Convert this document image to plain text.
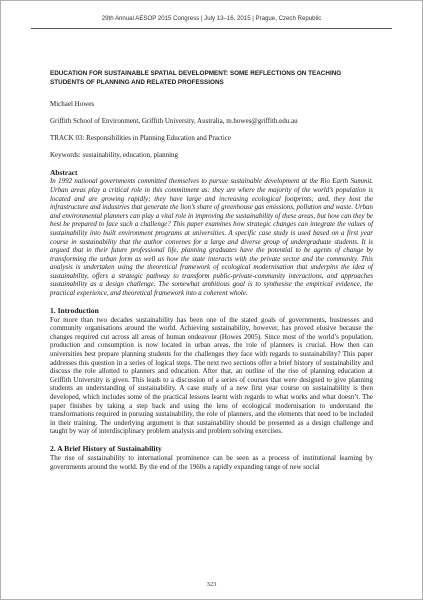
29th Annual AESOP 2015 Congress | July 13–16, 2015 | Prague, Czech Republic

EDUCATION FOR SUSTAINABLE SPATIAL DEVELOPMENT: SOME REFLECTIONS ON TEACHING STUDENTS OF PLANNING AND RELATED PROFESSIONS

Michael Howes

Griffith School of Environment, Griffith University, Australia, m.howes@griffith.edu.au

TRACK 03: Responsibilities in Planning Education and Practice

Keywords: sustainability, education, planning

Abstract

In 1992 national governments committed themselves to pursue sustainable development at the Rio Earth Summit. Urban areas play a critical role in this commitment as: they are where the majority of the world’s population is located and are growing rapidly; they have large and increasing ecological footprints; and, they host the infrastructure and industries that generate the lion’s share of greenhouse gas emissions, pollution and waste. Urban and environmental planners can play a vital role in improving the sustainability of these areas, but how can they be best be prepared to face such a challenge? This paper examines how strategic changes can integrate the values of sustainability into built environment programs at universities. A specific case study is used based on a first year course in sustainability that the author convenes for a large and diverse group of undergraduate students. It is argued that in their future professional life, planning graduates have the potential to be agents of change by transforming the urban form as well as how the state interacts with the private sector and the community. This analysis is undertaken using the theoretical framework of ecological modernisation that underpins the idea of sustainability, offers a strategic pathway to transform public-private-community interactions, and approaches sustainability as a design challenge. The somewhat ambitious goal is to synthesise the empirical evidence, the practical experience, and theoretical framework into a coherent whole.

1. Introduction

For more than two decades sustainability has been one of the stated goals of governments, businesses and community organisations around the world. Achieving sustainability, however, has proved elusive because the changes required cut across all areas of human endeavour (Howes 2005). Since most of the world’s population, production and consumption is now located in urban areas, the role of planners is crucial. How then can universities best prepare planning students for the challenges they face with regards to sustainability? This paper addresses this question in a series of logical steps. The next two sections offer a brief history of sustainability and discuss the role allotted to planners and education. After that, an outline of the rise of planning education at Griffith University is given. This leads to a discussion of a series of courses that were designed to give planning students an understanding of sustainability. A case study of a new first year course on sustainability is then developed, which includes some of the practical lessons learnt with regards to what works and what doesn’t. The paper finishes by taking a step back and using the lens of ecological modernisation to understand the transformations required in pursuing sustainability, the role of planners, and the elements that need to be included in their training. The underlying argument is that sustainability should be presented as a design challenge and taught by way of interdisciplinary problem analysis and problem solving exercises.

2. A Brief History of Sustainability

The rise of sustainability to international prominence can be seen as a process of institutional learning by governments around the world. By the end of the 1960s a rapidly expanding range of new social

323
